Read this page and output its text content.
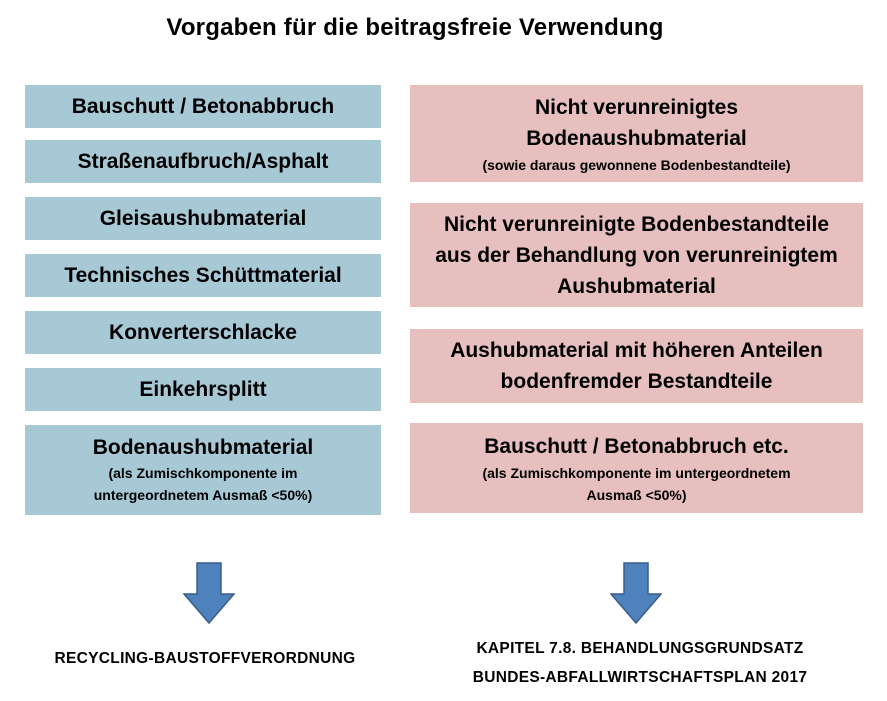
Vorgaben für die beitragsfreie Verwendung
Bauschutt / Betonabbruch
Straßenaufbruch/Asphalt
Gleisaushubmaterial
Technisches Schüttmaterial
Konverterschlacke
Einkehrsplitt
Bodenaushubmaterial
(als Zumischkomponente im
untergeordnetem Ausmaß <50%)
Nicht verunreinigtes
Bodenaushubmaterial
(sowie daraus gewonnene Bodenbestandteile)
Nicht verunreinigte Bodenbestandteile
aus der Behandlung von verunreinigtem
Aushubmaterial
Aushubmaterial mit höheren Anteilen
bodenfremder Bestandteile
Bauschutt / Betonabbruch etc.
(als Zumischkomponente im untergeordnetem
Ausmaß <50%)
RECYCLING-BAUSTOFFVERORDNUNG
KAPITEL 7.8. BEHANDLUNGSGRUNDSATZ
BUNDES-ABFALLWIRTSCHAFTSPLAN 2017
